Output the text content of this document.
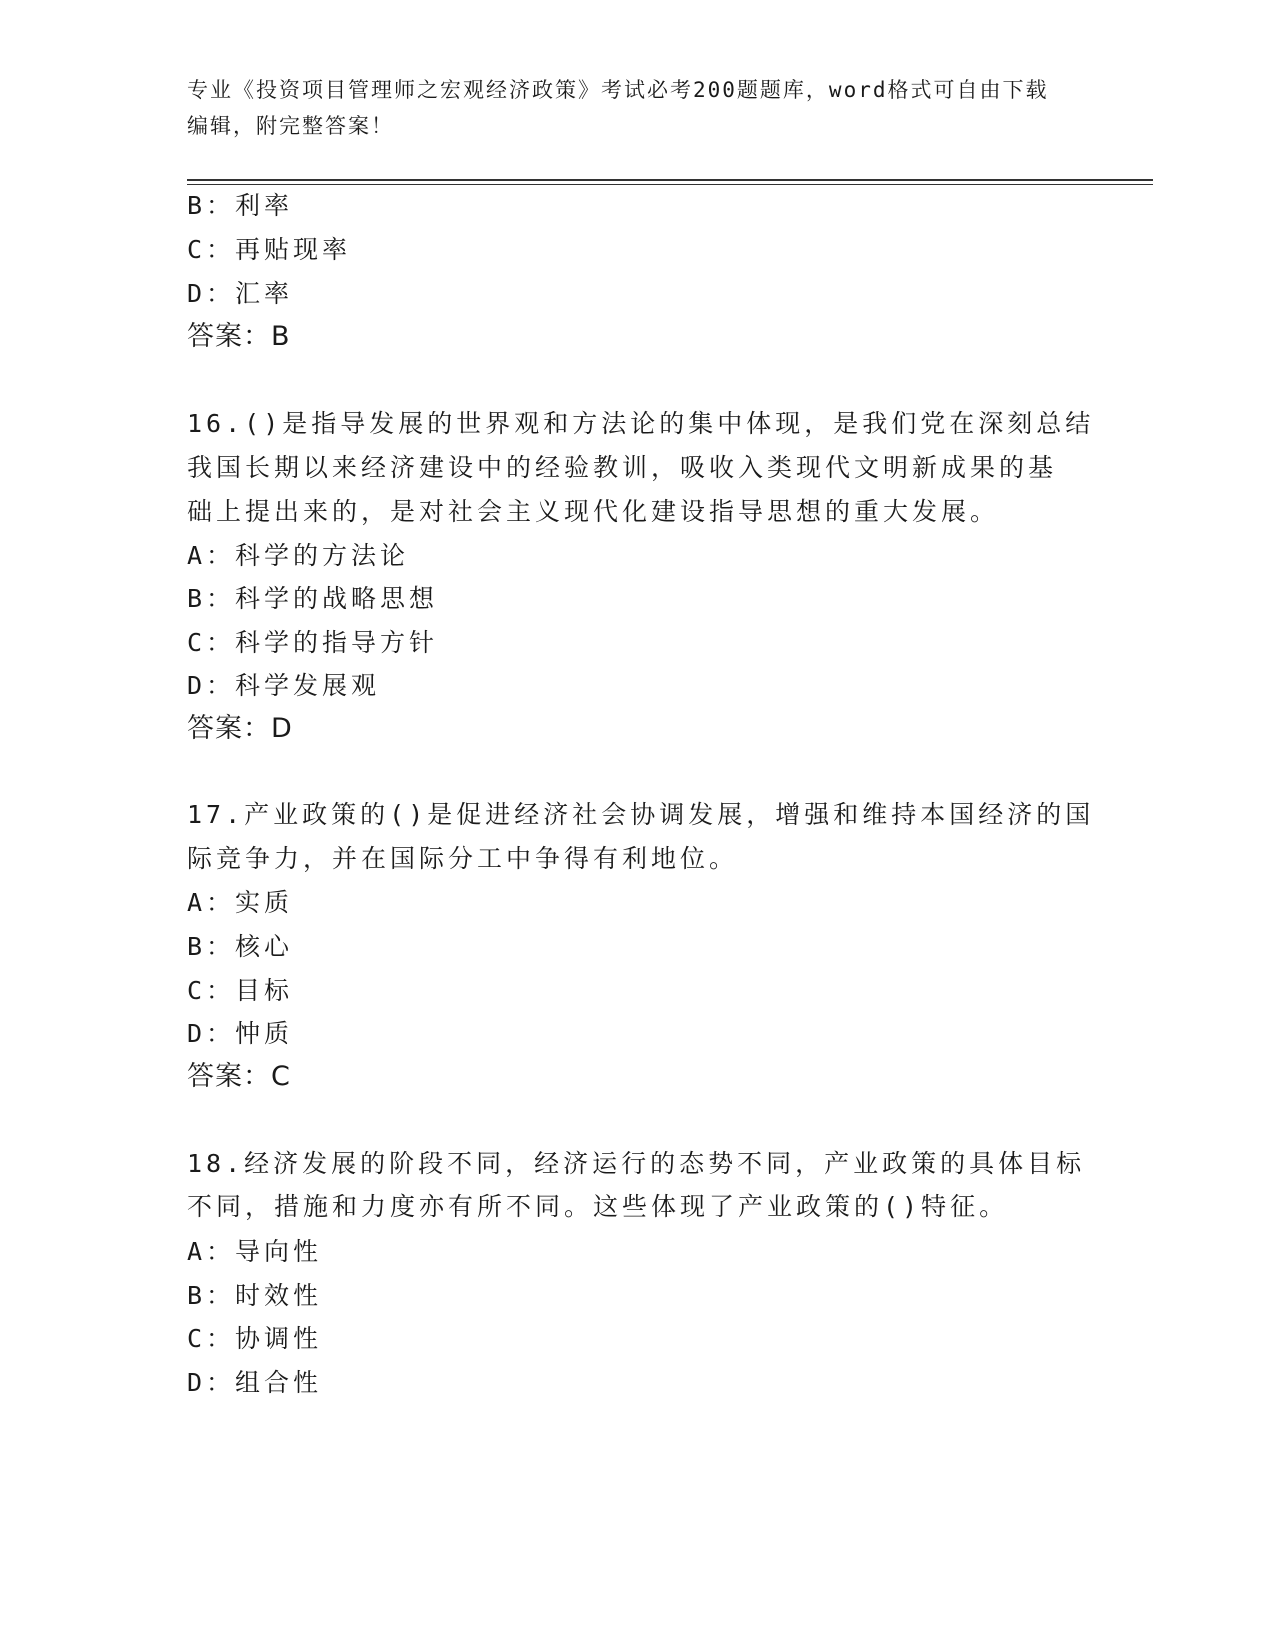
专业《投资项目管理师之宏观经济政策》考试必考200题题库，word格式可自由下载编辑，附完整答案！
B：利率
C：再贴现率
D：汇率
答案：B
16.()是指导发展的世界观和方法论的集中体现，是我们党在深刻总结
我国长期以来经济建设中的经验教训，吸收入类现代文明新成果的基
础上提出来的，是对社会主义现代化建设指导思想的重大发展。
A：科学的方法论
B：科学的战略思想
C：科学的指导方针
D：科学发展观
答案：D
17.产业政策的()是促进经济社会协调发展，增强和维持本国经济的国
际竞争力，并在国际分工中争得有利地位。
A：实质
B：核心
C：目标
D：忡质
答案：C
18.经济发展的阶段不同，经济运行的态势不同，产业政策的具体目标
不同，措施和力度亦有所不同。这些体现了产业政策的()特征。
A：导向性
B：时效性
C：协调性
D：组合性
